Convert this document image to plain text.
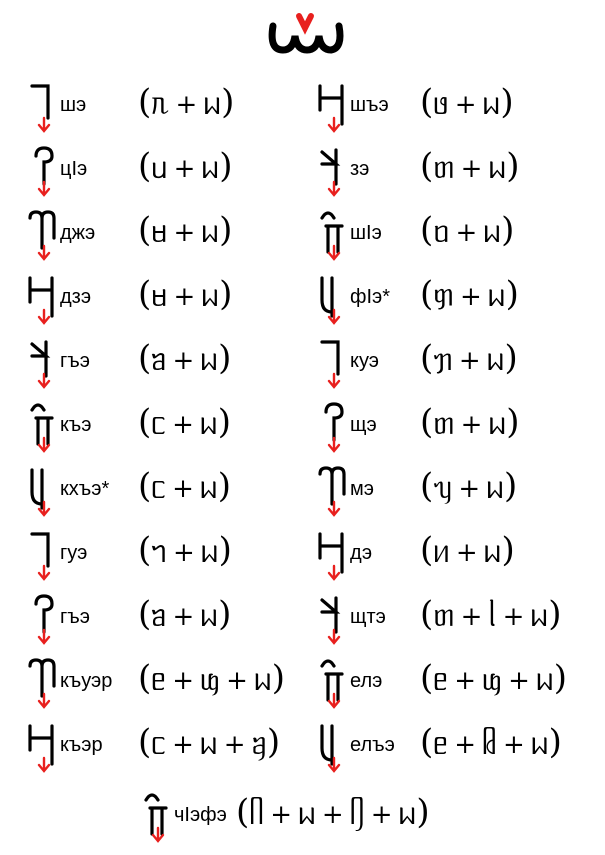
шэ (ᥰ + ᥕ)
цӀэ (ᥙ + ᥕ)
джэ (ᥛ + ᥕ)
дзэ (ᥛ + ᥕ)
гъэ (ᥑ + ᥕ)
къэ (ᥴ + ᥕ)
кхъэ* (ᥴ + ᥕ)
гуэ (ᥐ + ᥕ)
гъэ (ᥑ + ᥕ)
къуэр (ᥱ + ᥜ + ᥕ)
къэр (ᥴ + ᥕ + ᥠ)
шъэ (ᥳ + ᥕ)
зэ (ᥖ + ᥕ)
шӀэ (ᥝ + ᥕ)
фӀэ* (ᥞ + ᥕ)
куэ (ᥟ + ᥕ)
щэ (ᥖ + ᥕ)
мэ (ᥡ + ᥕ)
дэ (ᥢ + ᥕ)
щтэ (ᥖ + ᥣ + ᥕ)
елэ (ᥱ + ᥜ + ᥕ)
елъэ (ᥱ + ᥤ + ᥕ)
чӀэфэ (ᥥ + ᥕ + ᥦ + ᥕ)
